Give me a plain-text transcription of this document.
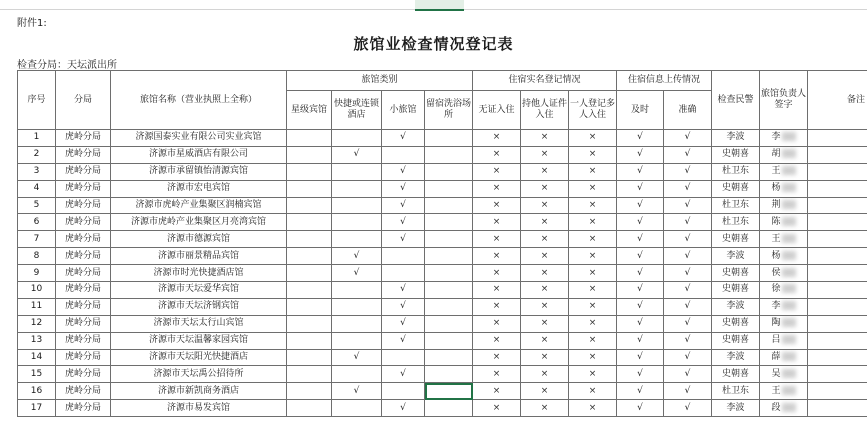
附件1:
旅馆业检查情况登记表
检查分局：天坛派出所
序号	分局	旅馆名称（营业执照上全称）	旅馆类别				住宿实名登记情况			住宿信息上传情况		检查民警	旅馆负责人签字	备注
			星级宾馆	快捷或连锁酒店	小旅馆	留宿洗浴场所	无证入住	持他人证件入住	一人登记多人入住	及时	准确			
1	虎岭分局	济源国泰实业有限公司实业宾馆			√		×	×	×	√	√	李波	李	
2	虎岭分局	济源市星威酒店有限公司		√			×	×	×	√	√	史朝喜	胡	
3	虎岭分局	济源市承留镇怡清源宾馆			√		×	×	×	√	√	杜卫东	王	
4	虎岭分局	济源市宏电宾馆			√		×	×	×	√	√	史朝喜	杨	
5	虎岭分局	济源市虎岭产业集聚区润楠宾馆			√		×	×	×	√	√	杜卫东	荆	
6	虎岭分局	济源市虎岭产业集聚区月亮湾宾馆			√		×	×	×	√	√	杜卫东	陈	
7	虎岭分局	济源市德源宾馆			√		×	×	×	√	√	史朝喜	王	
8	虎岭分局	济源市丽景精品宾馆		√			×	×	×	√	√	李波	杨	
9	虎岭分局	济源市时光快捷酒店馆		√			×	×	×	√	√	史朝喜	侯	
10	虎岭分局	济源市天坛爱华宾馆			√		×	×	×	√	√	史朝喜	徐	
11	虎岭分局	济源市天坛济钢宾馆			√		×	×	×	√	√	李波	李	
12	虎岭分局	济源市天坛太行山宾馆			√		×	×	×	√	√	史朝喜	陶	
13	虎岭分局	济源市天坛温馨家园宾馆			√		×	×	×	√	√	史朝喜	吕	
14	虎岭分局	济源市天坛阳光快捷酒店		√			×	×	×	√	√	李波	薛	
15	虎岭分局	济源市天坛禹公招待所			√		×	×	×	√	√	史朝喜	吴	
16	虎岭分局	济源市新凯商务酒店		√			×	×	×	√	√	杜卫东	王	
17	虎岭分局	济源市易发宾馆			√		×	×	×	√	√	李波	段	
